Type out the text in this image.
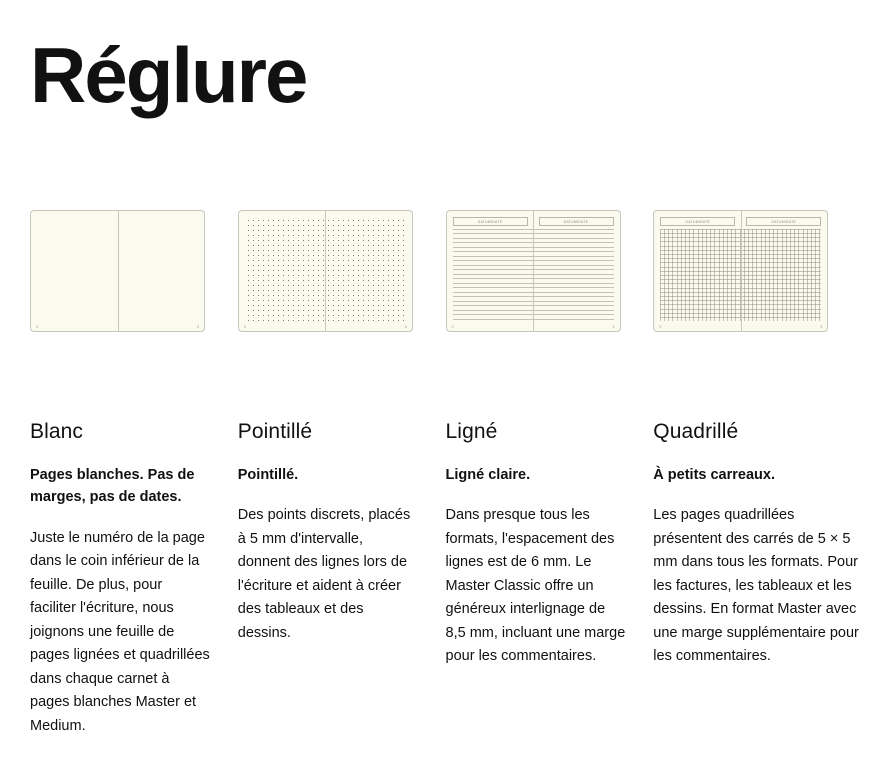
Réglure
2	3
Blanc

Pages blanches. Pas de marges, pas de dates.

Juste le numéro de la page dans le coin inférieur de la feuille. De plus, pour faciliter l'écriture, nous joignons une feuille de pages lignées et quadrillées dans chaque carnet à pages blanches Master et Medium.

2	3
Pointillé

Pointillé.

Des points discrets, placés à 5 mm d'intervalle, donnent des lignes lors de l'écriture et aident à créer des tableaux et des dessins.

DATUM/DATE	DATUM/DATE
2	3
Ligné

Ligné claire.

Dans presque tous les formats, l'espacement des lignes est de 6 mm. Le Master Classic offre un généreux interlignage de 8,5 mm, incluant une marge pour les commentaires.

DATUM/DATE	DATUM/DATE
2	3
Quadrillé

À petits carreaux.

Les pages quadrillées présentent des carrés de 5 × 5 mm dans tous les formats. Pour les factures, les tableaux et les dessins. En format Master avec une marge supplémentaire pour les commentaires.
